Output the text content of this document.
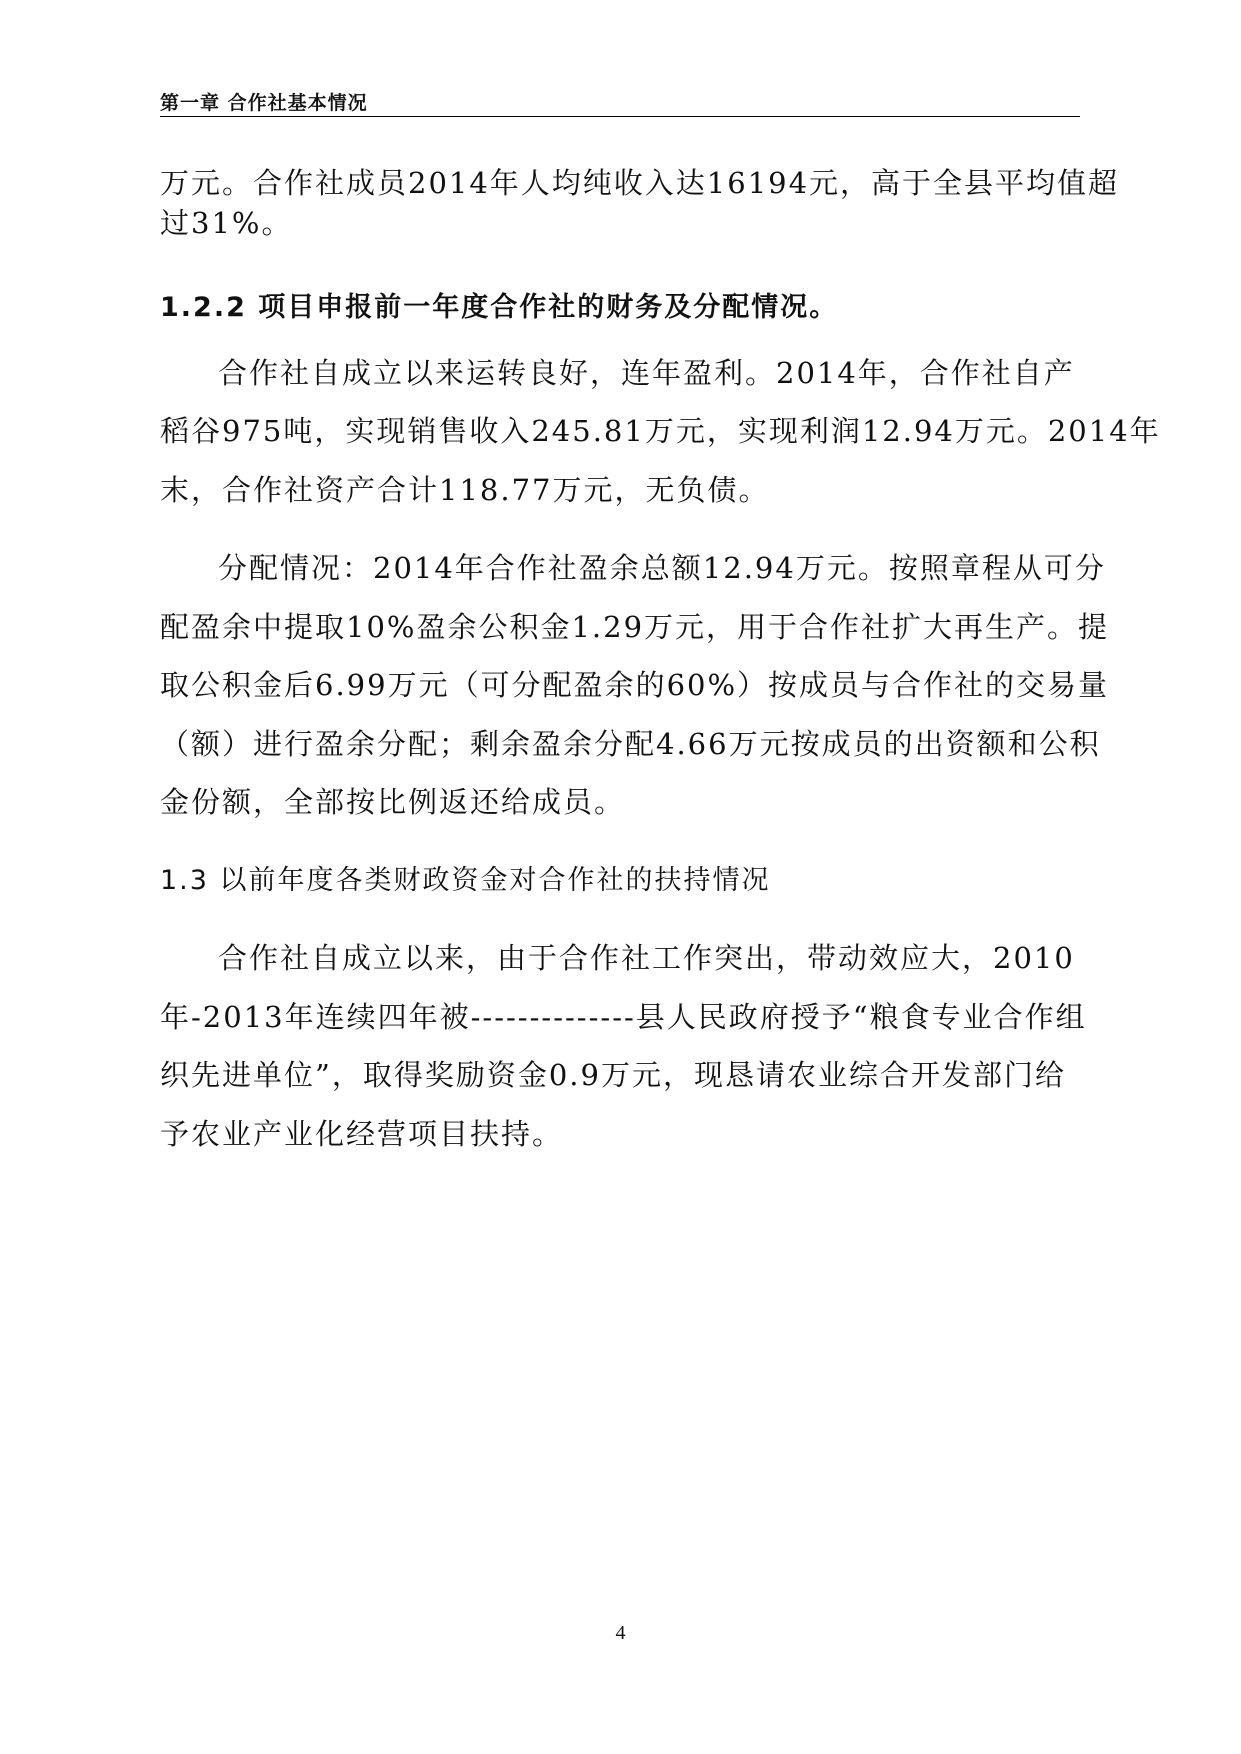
第一章 合作社基本情况
万元。合作社成员2014年人均纯收入达16194元，高于全县平均值超
过31%。
1.2.2 项目申报前一年度合作社的财务及分配情况。
合作社自成立以来运转良好，连年盈利。2014年，合作社自产
稻谷975吨，实现销售收入245.81万元，实现利润12.94万元。2014年
末，合作社资产合计118.77万元，无负债。
分配情况：2014年合作社盈余总额12.94万元。按照章程从可分
配盈余中提取10%盈余公积金1.29万元，用于合作社扩大再生产。提
取公积金后6.99万元（可分配盈余的60%）按成员与合作社的交易量
（额）进行盈余分配；剩余盈余分配4.66万元按成员的出资额和公积
金份额，全部按比例返还给成员。
1.3 以前年度各类财政资金对合作社的扶持情况
合作社自成立以来，由于合作社工作突出，带动效应大，2010
年-2013年连续四年被--------------县人民政府授予“粮食专业合作组
织先进单位”，取得奖励资金0.9万元，现恳请农业综合开发部门给
予农业产业化经营项目扶持。
4
